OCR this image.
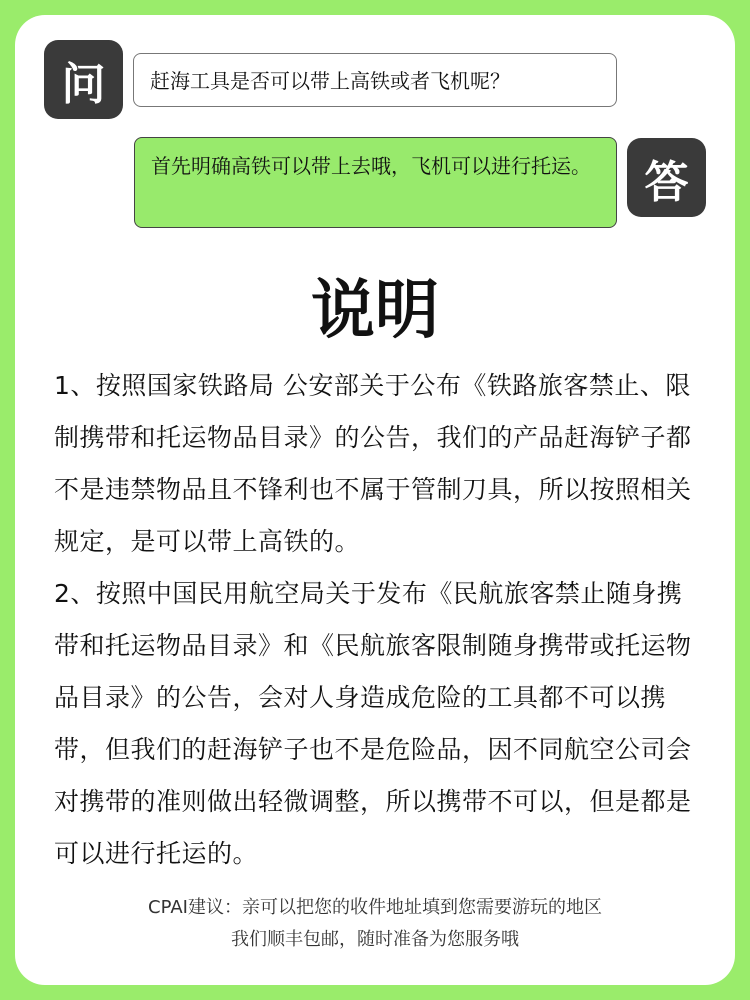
问	赶海工具是否可以带上高铁或者飞机呢？
首先明确高铁可以带上去哦，飞机可以进行托运。	答
说明

1、按照国家铁路局 公安部关于公布《铁路旅客禁止、限制携带和托运物品目录》的公告，我们的产品赶海铲子都不是违禁物品且不锋利也不属于管制刀具，所以按照相关规定，是可以带上高铁的。

2、按照中国民用航空局关于发布《民航旅客禁止随身携带和托运物品目录》和《民航旅客限制随身携带或托运物品目录》的公告，会对人身造成危险的工具都不可以携带，但我们的赶海铲子也不是危险品，因不同航空公司会对携带的准则做出轻微调整，所以携带不可以，但是都是可以进行托运的。

CPAI建议：亲可以把您的收件地址填到您需要游玩的地区
我们顺丰包邮，随时准备为您服务哦
